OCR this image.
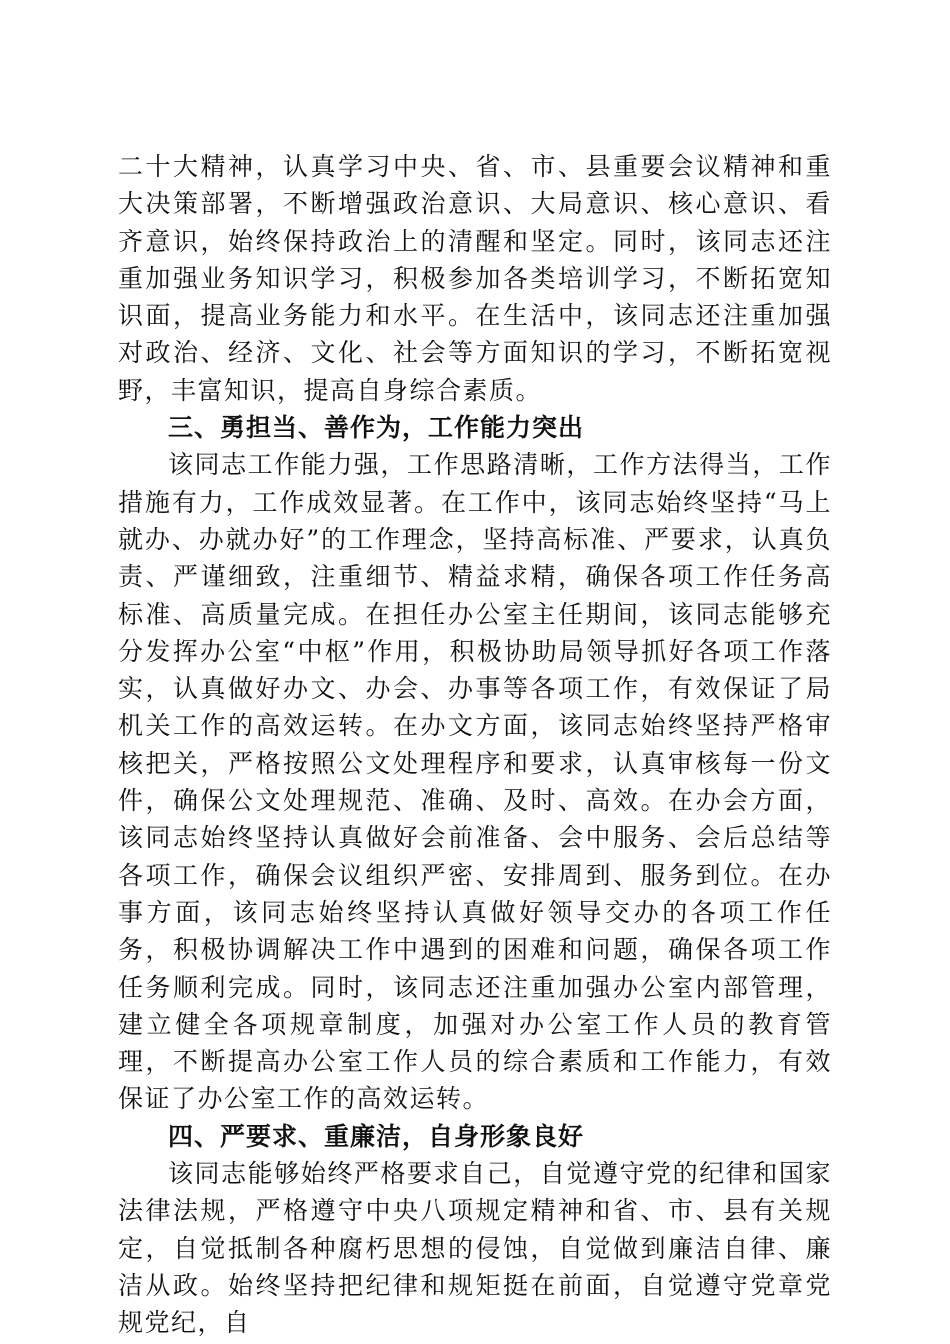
二十大精神，认真学习中央、省、市、县重要会议精神和重大决策部署，不断增强政治意识、大局意识、核心意识、看齐意识，始终保持政治上的清醒和坚定。同时，该同志还注重加强业务知识学习，积极参加各类培训学习，不断拓宽知识面，提高业务能力和水平。在生活中，该同志还注重加强对政治、经济、文化、社会等方面知识的学习，不断拓宽视野，丰富知识，提高自身综合素质。

三、勇担当、善作为，工作能力突出

该同志工作能力强，工作思路清晰，工作方法得当，工作措施有力，工作成效显著。在工作中，该同志始终坚持“马上就办、办就办好”的工作理念，坚持高标准、严要求，认真负责、严谨细致，注重细节、精益求精，确保各项工作任务高标准、高质量完成。在担任办公室主任期间，该同志能够充分发挥办公室“中枢”作用，积极协助局领导抓好各项工作落实，认真做好办文、办会、办事等各项工作，有效保证了局机关工作的高效运转。在办文方面，该同志始终坚持严格审核把关，严格按照公文处理程序和要求，认真审核每一份文件，确保公文处理规范、准确、及时、高效。在办会方面，该同志始终坚持认真做好会前准备、会中服务、会后总结等各项工作，确保会议组织严密、安排周到、服务到位。在办事方面，该同志始终坚持认真做好领导交办的各项工作任务，积极协调解决工作中遇到的困难和问题，确保各项工作任务顺利完成。同时，该同志还注重加强办公室内部管理，建立健全各项规章制度，加强对办公室工作人员的教育管理，不断提高办公室工作人员的综合素质和工作能力，有效保证了办公室工作的高效运转。

四、严要求、重廉洁，自身形象良好

该同志能够始终严格要求自己，自觉遵守党的纪律和国家法律法规，严格遵守中央八项规定精神和省、市、县有关规定，自觉抵制各种腐朽思想的侵蚀，自觉做到廉洁自律、廉洁从政。始终坚持把纪律和规矩挺在前面，自觉遵守党章党规党纪，自
